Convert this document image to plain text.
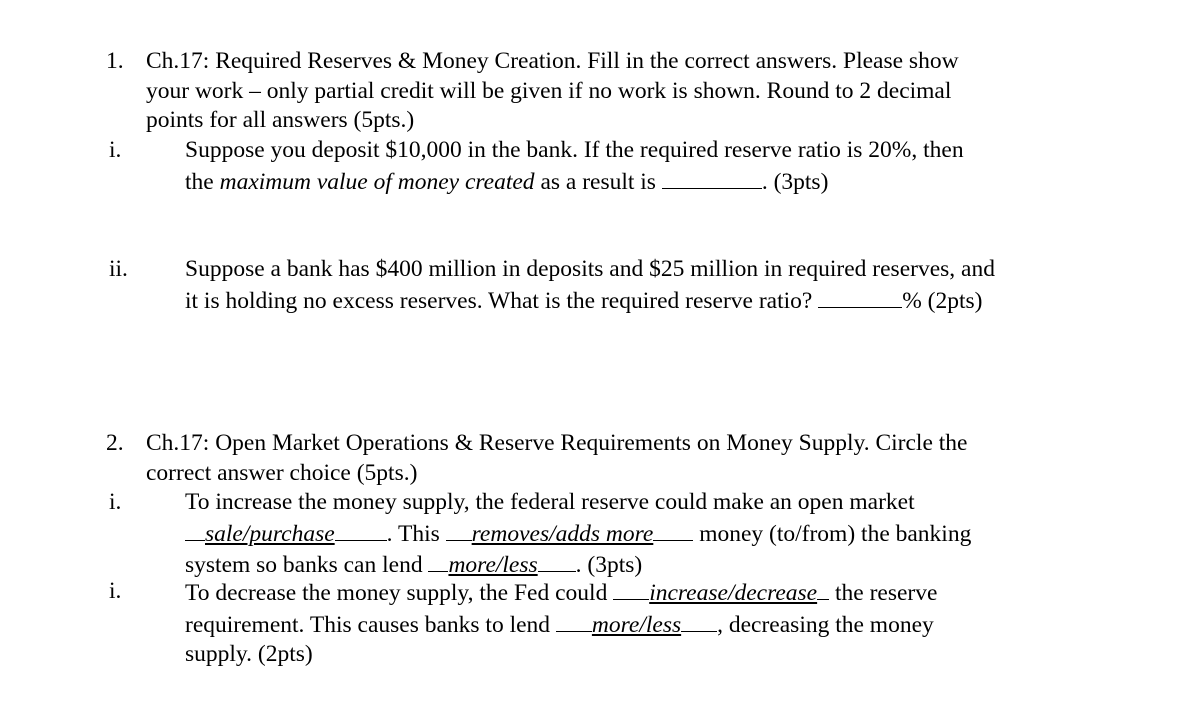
1. Ch.17: Required Reserves & Money Creation. Fill in the correct answers. Please show
your work – only partial credit will be given if no work is shown. Round to 2 decimal
points for all answers (5pts.)
i.	Suppose you deposit $10,000 in the bank. If the required reserve ratio is 20%, then
the maximum value of money created as a result is	. (3pts)
ii. Suppose a bank has $400 million in deposits and $25 million in required reserves, and
it is holding no excess reserves. What is the required reserve ratio?	% (2pts)
2. Ch.17: Open Market Operations & Reserve Requirements on Money Supply. Circle the
correct answer choice (5pts.)
i.	To increase the money supply, the federal reserve could make an open market
sale/purchase . This removes/adds more money (to/from) the banking
system so banks can lend more/less . (3pts)
i.	To decrease the money supply, the Fed could increase/decrease the reserve
requirement. This causes banks to lend more/less , decreasing the money
supply. (2pts)
